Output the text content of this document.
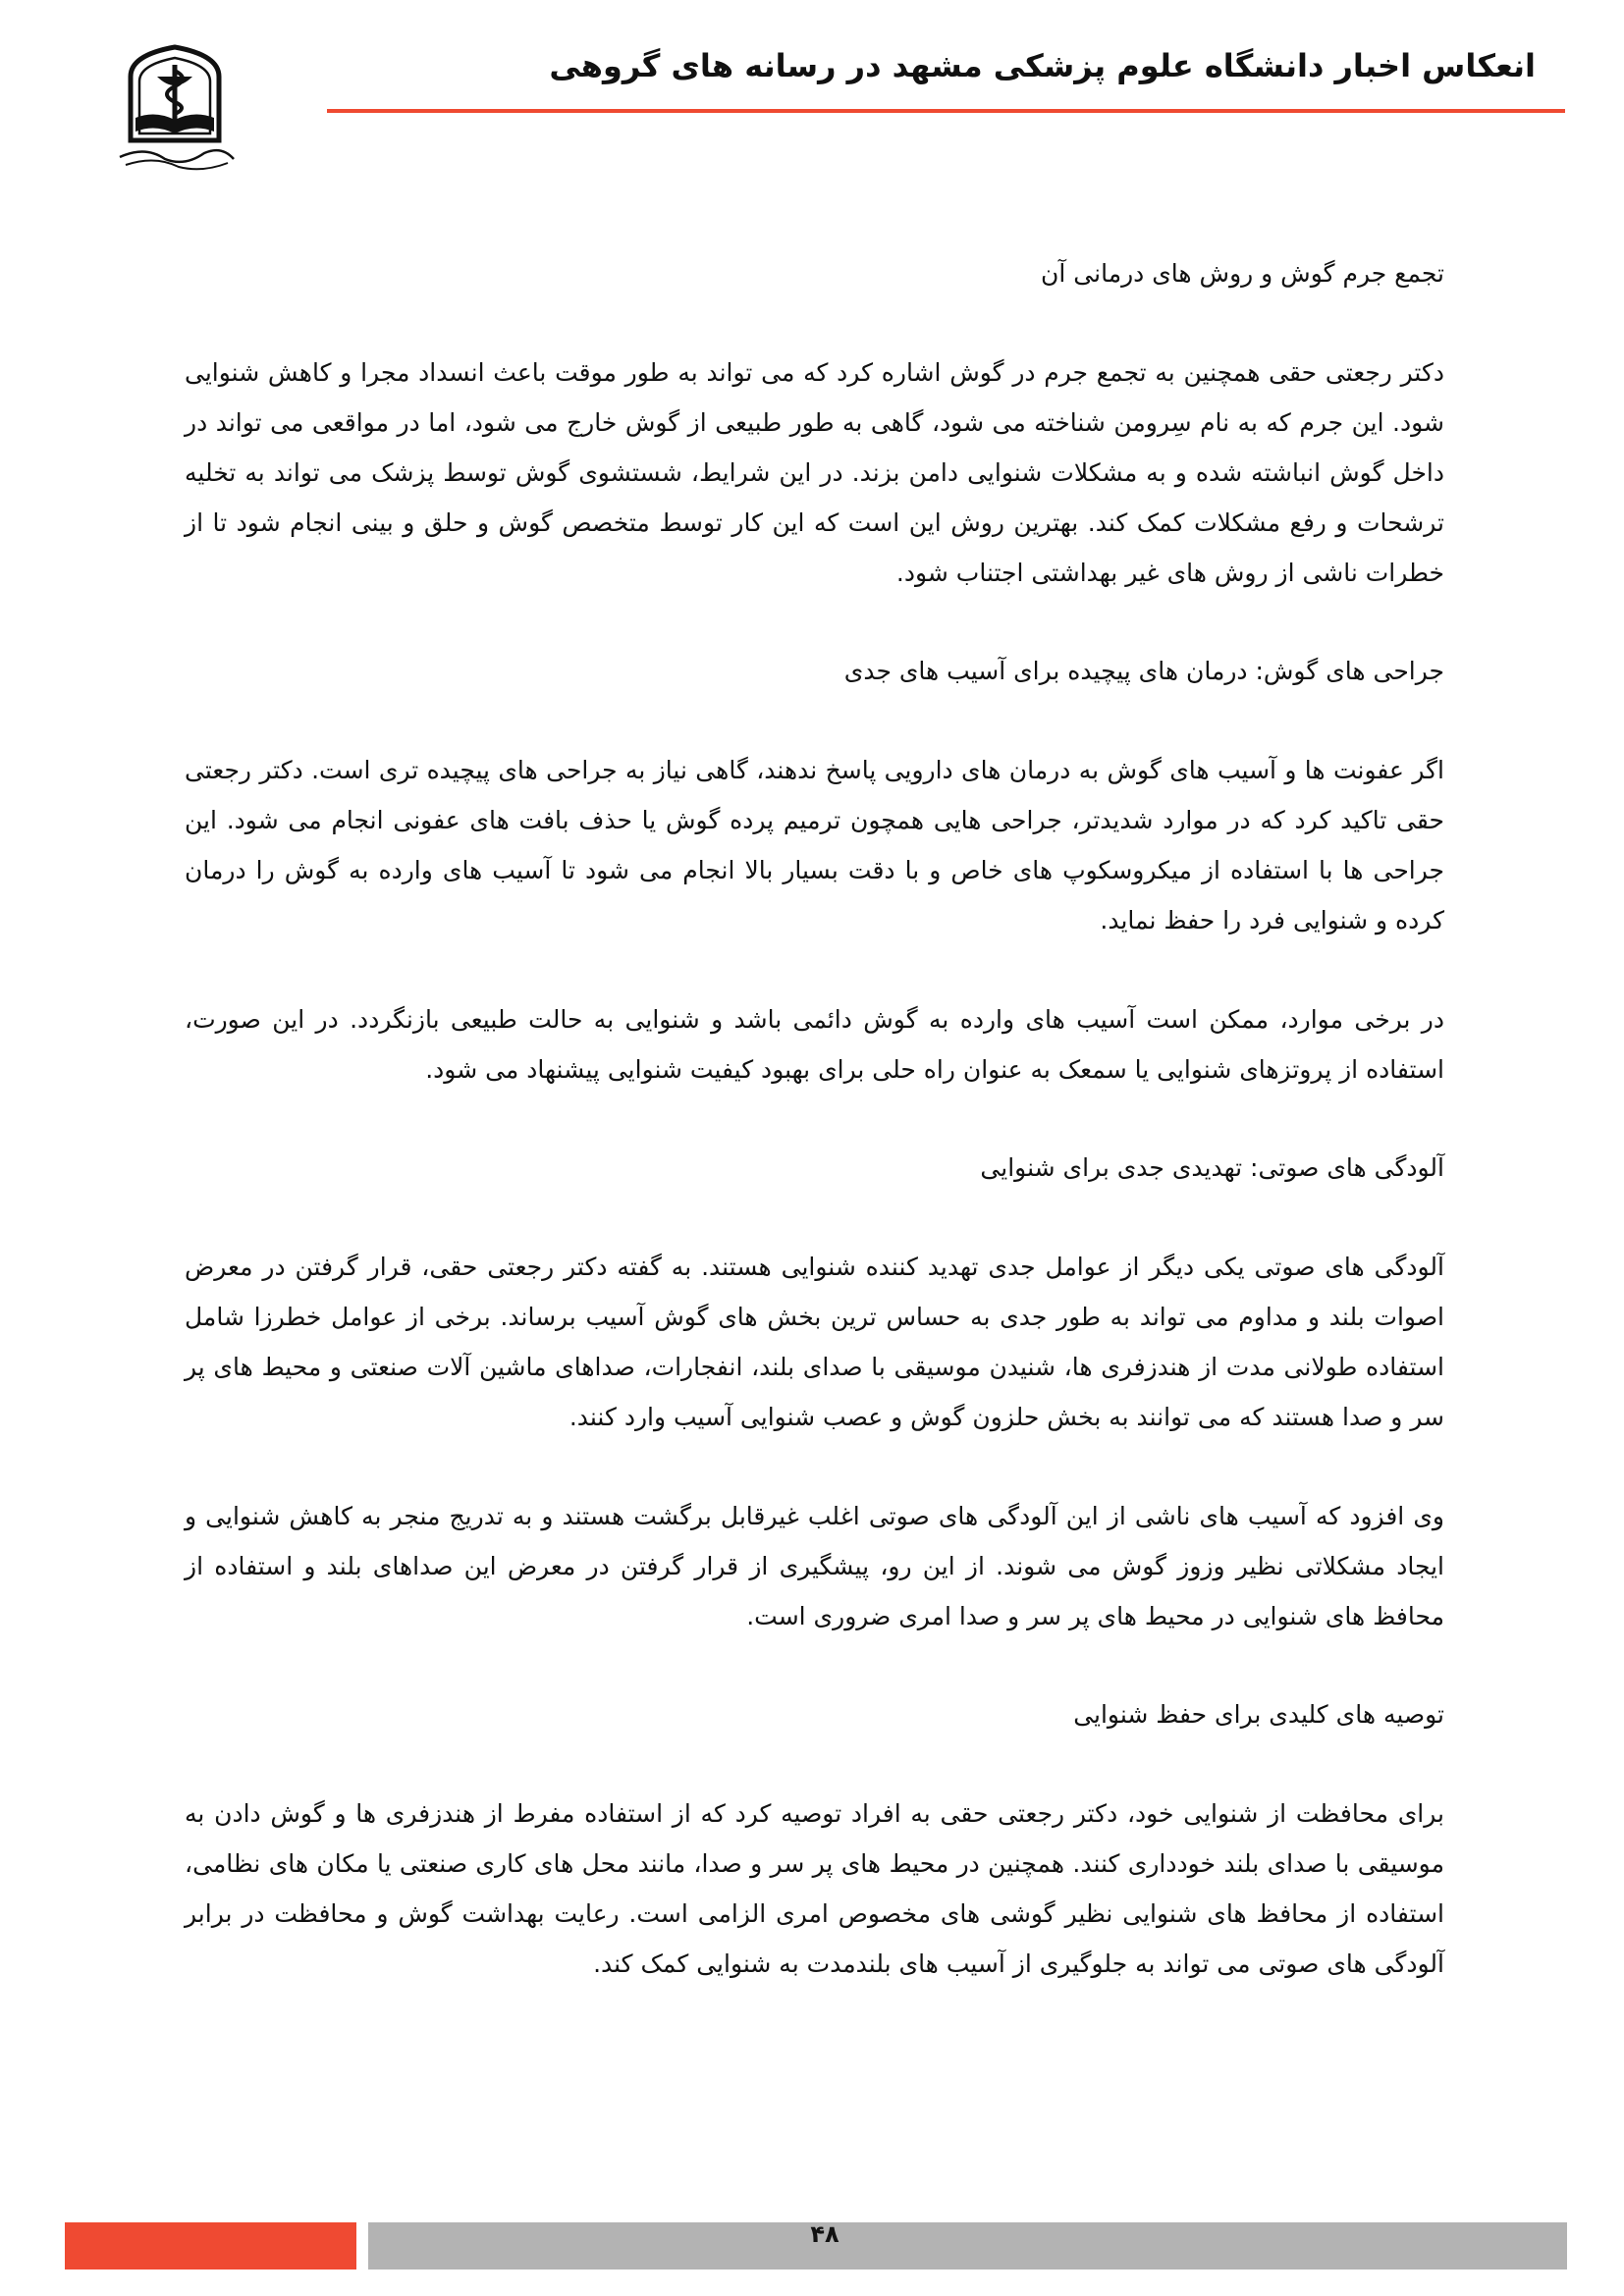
انعکاس اخبار دانشگاه علوم پزشکی مشهد در رسانه های گروهی
تجمع جرم گوش و روش های درمانی آن

دکتر رجعتی حقی همچنین به تجمع جرم در گوش اشاره کرد که می تواند به طور موقت باعث انسداد مجرا و کاهش شنوایی شود. این جرم که به نام سِرومن شناخته می شود، گاهی به طور طبیعی از گوش خارج می شود، اما در مواقعی می تواند در داخل گوش انباشته شده و به مشکلات شنوایی دامن بزند. در این شرایط، شستشوی گوش توسط پزشک می تواند به تخلیه ترشحات و رفع مشکلات کمک کند. بهترین روش این است که این کار توسط متخصص گوش و حلق و بینی انجام شود تا از خطرات ناشی از روش های غیر بهداشتی اجتناب شود.

جراحی های گوش: درمان های پیچیده برای آسیب های جدی

اگر عفونت ها و آسیب های گوش به درمان های دارویی پاسخ ندهند، گاهی نیاز به جراحی های پیچیده تری است. دکتر رجعتی حقی تاکید کرد که در موارد شدیدتر، جراحی هایی همچون ترمیم پرده گوش یا حذف بافت های عفونی انجام می شود. این جراحی ها با استفاده از میکروسکوپ های خاص و با دقت بسیار بالا انجام می شود تا آسیب های وارده به گوش را درمان کرده و شنوایی فرد را حفظ نماید.

در برخی موارد، ممکن است آسیب های وارده به گوش دائمی باشد و شنوایی به حالت طبیعی بازنگردد. در این صورت، استفاده از پروتزهای شنوایی یا سمعک به عنوان راه حلی برای بهبود کیفیت شنوایی پیشنهاد می شود.

آلودگی های صوتی: تهدیدی جدی برای شنوایی

آلودگی های صوتی یکی دیگر از عوامل جدی تهدید کننده شنوایی هستند. به گفته دکتر رجعتی حقی، قرار گرفتن در معرض اصوات بلند و مداوم می تواند به طور جدی به حساس ترین بخش های گوش آسیب برساند. برخی از عوامل خطرزا شامل استفاده طولانی مدت از هندزفری ها، شنیدن موسیقی با صدای بلند، انفجارات، صداهای ماشین آلات صنعتی و محیط های پر سر و صدا هستند که می توانند به بخش حلزون گوش و عصب شنوایی آسیب وارد کنند.

وی افزود که آسیب های ناشی از این آلودگی های صوتی اغلب غیرقابل برگشت هستند و به تدریج منجر به کاهش شنوایی و ایجاد مشکلاتی نظیر وزوز گوش می شوند. از این رو، پیشگیری از قرار گرفتن در معرض این صداهای بلند و استفاده از محافظ های شنوایی در محیط های پر سر و صدا امری ضروری است.

توصیه های کلیدی برای حفظ شنوایی

برای محافظت از شنوایی خود، دکتر رجعتی حقی به افراد توصیه کرد که از استفاده مفرط از هندزفری ها و گوش دادن به موسیقی با صدای بلند خودداری کنند. همچنین در محیط های پر سر و صدا، مانند محل های کاری صنعتی یا مکان های نظامی، استفاده از محافظ های شنوایی نظیر گوشی های مخصوص امری الزامی است. رعایت بهداشت گوش و محافظت در برابر آلودگی های صوتی می تواند به جلوگیری از آسیب های بلندمدت به شنوایی کمک کند.

۴۸
